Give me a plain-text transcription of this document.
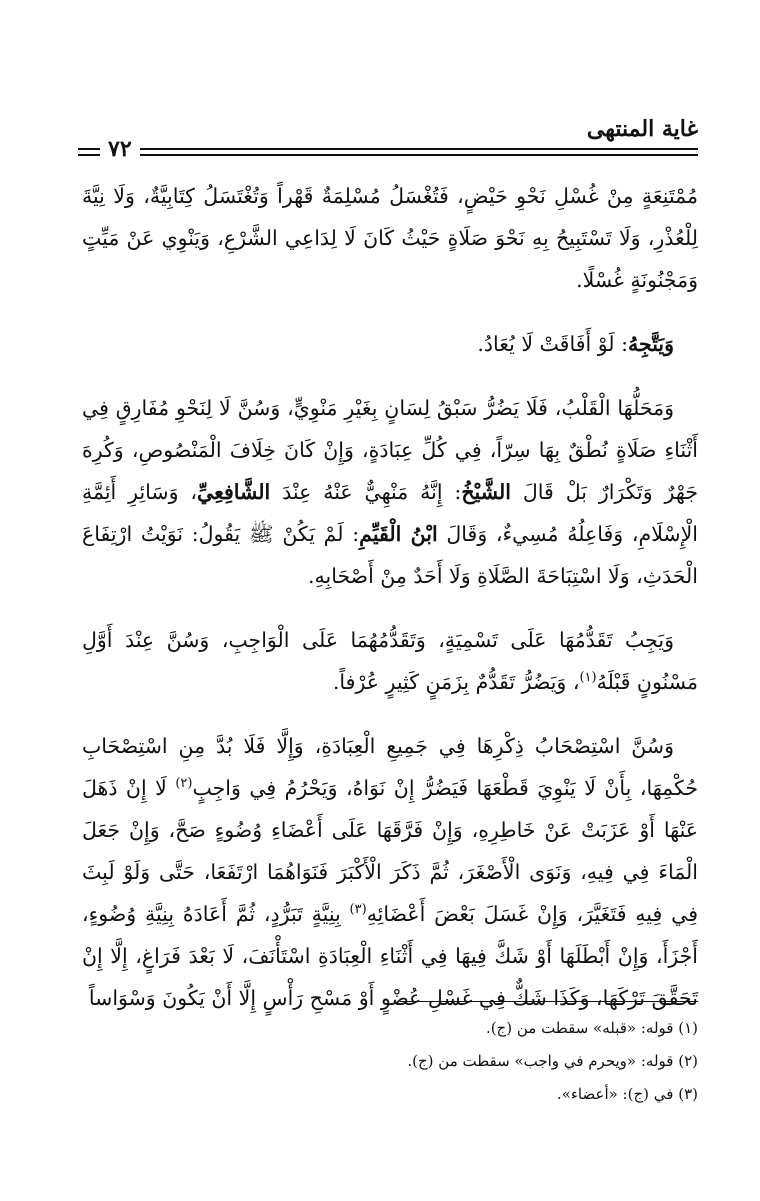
غاية المنتهى
٧٢

مُمْتَنِعَةٍ مِنْ غُسْلِ نَحْوِ حَيْضٍ، فَتُغْسَلُ مُسْلِمَةٌ قَهْراً وَتُغْتَسَلُ كِتَابِيَّةٌ، وَلَا نِيَّةَ لِلْعُذْرِ، وَلَا تَسْتَبِيحُ بِهِ نَحْوَ صَلَاةٍ حَيْثُ كَانَ لَا لِدَاعِي الشَّرْعِ، وَيَنْوِي عَنْ مَيِّتٍ وَمَجْنُونَةٍ غُسْلًا.

وَيَتَّجِهُ: لَوْ أَفَاقَتْ لَا يُعَادُ.

وَمَحَلُّهَا الْقَلْبُ، فَلَا يَضُرُّ سَبْقُ لِسَانٍ بِغَيْرِ مَنْوِيٍّ، وَسُنَّ لَا لِنَحْوِ مُفَارِقٍ فِي أَثْنَاءِ صَلَاةٍ نُطْقٌ بِهَا سِرّاً، فِي كُلِّ عِبَادَةٍ، وَإِنْ كَانَ خِلَافَ الْمَنْصُوصِ، وَكُرِهَ جَهْرٌ وَتَكْرَارٌ بَلْ قَالَ الشَّيْخُ: إِنَّهُ مَنْهِيٌّ عَنْهُ عِنْدَ الشَّافِعِيِّ، وَسَائِرِ أَئِمَّةِ الْإِسْلَامِ، وَفَاعِلُهُ مُسِيءٌ، وَقَالَ ابْنُ الْقَيِّمِ: لَمْ يَكُنْ ﷺ يَقُولُ: نَوَيْتُ ارْتِفَاعَ الْحَدَثِ، وَلَا اسْتِبَاحَةَ الصَّلَاةِ وَلَا أَحَدٌ مِنْ أَصْحَابِهِ.

وَيَجِبُ تَقَدُّمُهَا عَلَى تَسْمِيَةٍ، وَتَقَدُّمُهُمَا عَلَى الْوَاجِبِ، وَسُنَّ عِنْدَ أَوَّلِ مَسْنُونٍ قَبْلَهُ$^{(١)}$، وَيَضُرُّ تَقَدُّمٌ بِزَمَنٍ كَثِيرٍ عُرْفاً.

وَسُنَّ اسْتِصْحَابُ ذِكْرِهَا فِي جَمِيعِ الْعِبَادَةِ، وَإِلَّا فَلَا بُدَّ مِنِ اسْتِصْحَابِ حُكْمِهَا، بِأَنْ لَا يَنْوِيَ قَطْعَهَا فَيَضُرُّ إِنْ نَوَاهُ، وَيَحْرُمُ فِي وَاجِبٍ$^{(٢)}$ لَا إِنْ ذَهَلَ عَنْهَا أَوْ عَزَبَتْ عَنْ خَاطِرِهِ، وَإِنْ فَرَّقَهَا عَلَى أَعْضَاءِ وُضُوءٍ صَحَّ، وَإِنْ جَعَلَ الْمَاءَ فِي فِيهِ، وَنَوَى الْأَصْغَرَ، ثُمَّ ذَكَرَ الْأَكْبَرَ فَنَوَاهُمَا ارْتَفَعَا، حَتَّى وَلَوْ لَبِثَ فِي فِيهِ فَتَغَيَّرَ، وَإِنْ غَسَلَ بَعْضَ أَعْضَائِهِ$^{(٣)}$ بِنِيَّةٍ تَبَرُّدٍ، ثُمَّ أَعَادَهُ بِنِيَّةِ وُضُوءٍ، أَجْزَأَ، وَإِنْ أَبْطَلَهَا أَوْ شَكَّ فِيهَا فِي أَثْنَاءِ الْعِبَادَةِ اسْتَأْنَفَ، لَا بَعْدَ فَرَاغٍ، إِلَّا إِنْ تَحَقَّقَ تَرْكَهَا، وَكَذَا شَكٌّ فِي غَسْلِ عُضْوٍ أَوْ مَسْحِ رَأْسٍ إِلَّا أَنْ يَكُونَ وَسْوَاساً

(١) قوله: «قبله» سقطت من (ج).

(٢) قوله: «ويحرم في واجب» سقطت من (ج).

(٣) في (ج): «أعضاء».
